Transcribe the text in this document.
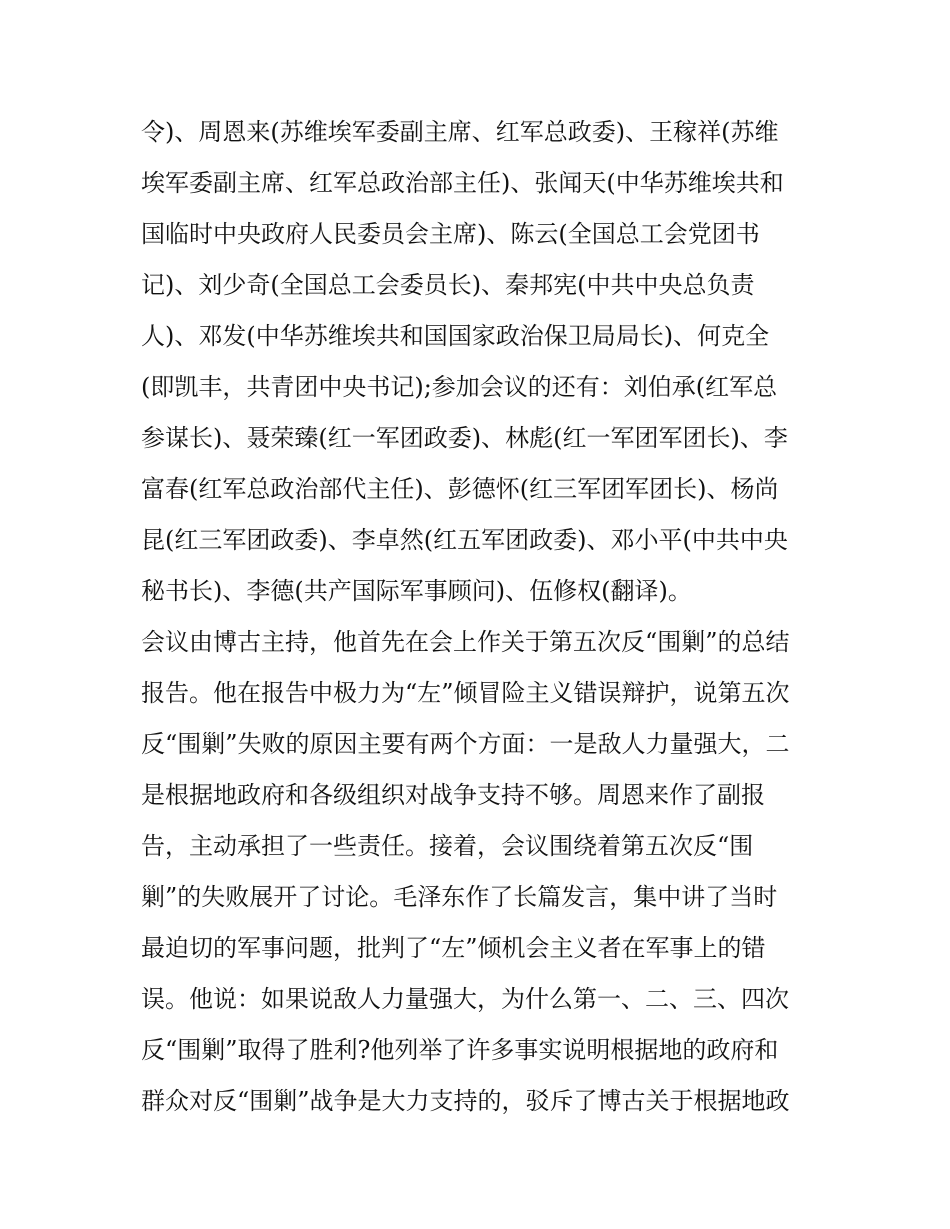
令)、周恩来(苏维埃军委副主席、红军总政委)、王稼祥(苏维
埃军委副主席、红军总政治部主任)、张闻天(中华苏维埃共和
国临时中央政府人民委员会主席)、陈云(全国总工会党团书
记)、刘少奇(全国总工会委员长)、秦邦宪(中共中央总负责
人)、邓发(中华苏维埃共和国国家政治保卫局局长)、何克全
(即凯丰，共青团中央书记);参加会议的还有：刘伯承(红军总
参谋长)、聂荣臻(红一军团政委)、林彪(红一军团军团长)、李
富春(红军总政治部代主任)、彭德怀(红三军团军团长)、杨尚
昆(红三军团政委)、李卓然(红五军团政委)、邓小平(中共中央
秘书长)、李德(共产国际军事顾问)、伍修权(翻译)。
会议由博古主持，他首先在会上作关于第五次反“围剿”的总结
报告。他在报告中极力为“左”倾冒险主义错误辩护，说第五次
反“围剿”失败的原因主要有两个方面：一是敌人力量强大，二
是根据地政府和各级组织对战争支持不够。周恩来作了副报
告，主动承担了一些责任。接着，会议围绕着第五次反“围
剿”的失败展开了讨论。毛泽东作了长篇发言，集中讲了当时
最迫切的军事问题，批判了“左”倾机会主义者在军事上的错
误。他说：如果说敌人力量强大，为什么第一、二、三、四次
反“围剿”取得了胜利?他列举了许多事实说明根据地的政府和
群众对反“围剿”战争是大力支持的，驳斥了博古关于根据地政
